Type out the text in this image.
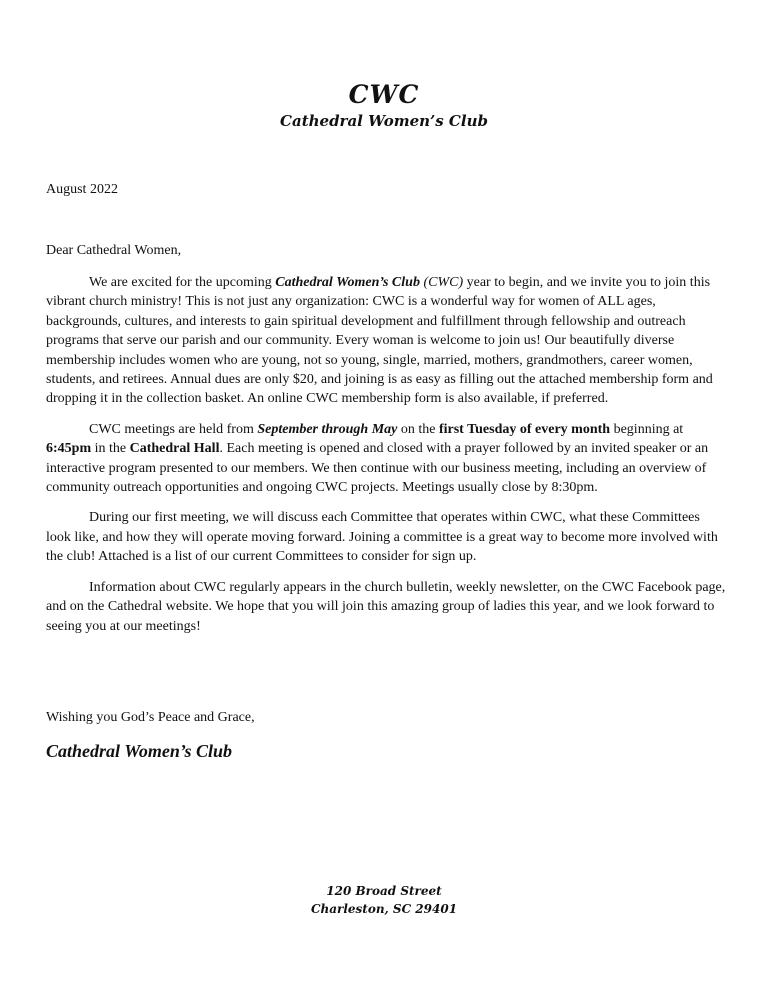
CWC
Cathedral Women’s Club
August 2022
Dear Cathedral Women,

We are excited for the upcoming Cathedral Women’s Club (CWC) year to begin, and we invite you to join this vibrant church ministry! This is not just any organization: CWC is a wonderful way for women of ALL ages, backgrounds, cultures, and interests to gain spiritual development and fulfillment through fellowship and outreach programs that serve our parish and our community. Every woman is welcome to join us! Our beautifully diverse membership includes women who are young, not so young, single, married, mothers, grandmothers, career women, students, and retirees. Annual dues are only $20, and joining is as easy as filling out the attached membership form and dropping it in the collection basket. An online CWC membership form is also available, if preferred.

CWC meetings are held from September through May on the first Tuesday of every month beginning at 6:45pm in the Cathedral Hall. Each meeting is opened and closed with a prayer followed by an invited speaker or an interactive program presented to our members. We then continue with our business meeting, including an overview of community outreach opportunities and ongoing CWC projects. Meetings usually close by 8:30pm.

During our first meeting, we will discuss each Committee that operates within CWC, what these Committees look like, and how they will operate moving forward. Joining a committee is a great way to become more involved with the club! Attached is a list of our current Committees to consider for sign up.

Information about CWC regularly appears in the church bulletin, weekly newsletter, on the CWC Facebook page, and on the Cathedral website. We hope that you will join this amazing group of ladies this year, and we look forward to seeing you at our meetings!

Wishing you God’s Peace and Grace,
Cathedral Women’s Club
120 Broad Street
Charleston, SC 29401
